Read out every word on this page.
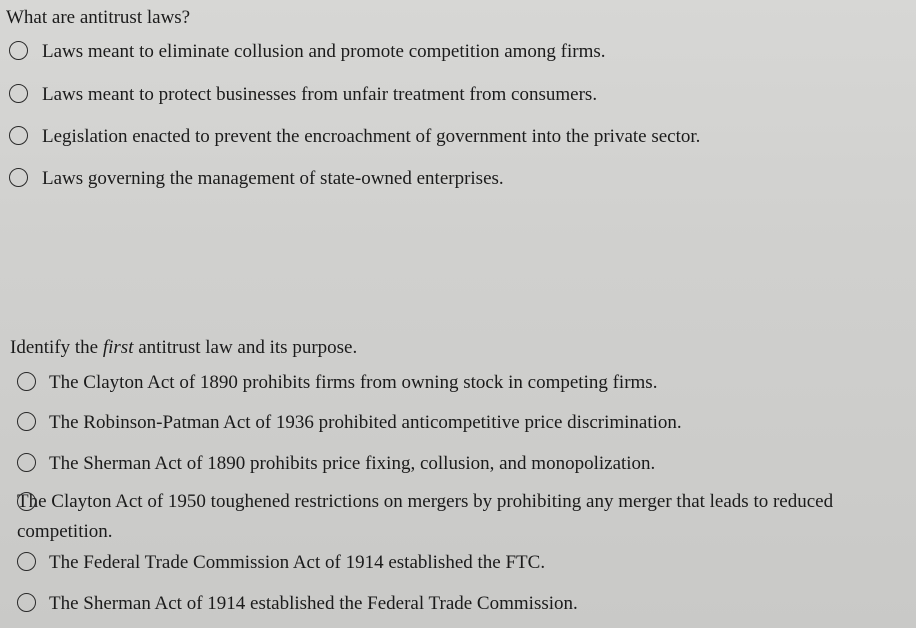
What are antitrust laws?
Laws meant to eliminate collusion and promote competition among firms.
Laws meant to protect businesses from unfair treatment from consumers.
Legislation enacted to prevent the encroachment of government into the private sector.
Laws governing the management of state-owned enterprises.
Identify the first antitrust law and its purpose.
The Clayton Act of 1890 prohibits firms from owning stock in competing firms.
The Robinson-Patman Act of 1936 prohibited anticompetitive price discrimination.
The Sherman Act of 1890 prohibits price fixing, collusion, and monopolization.
The Clayton Act of 1950 toughened restrictions on mergers by prohibiting any merger that leads to reduced competition.
The Federal Trade Commission Act of 1914 established the FTC.
The Sherman Act of 1914 established the Federal Trade Commission.
